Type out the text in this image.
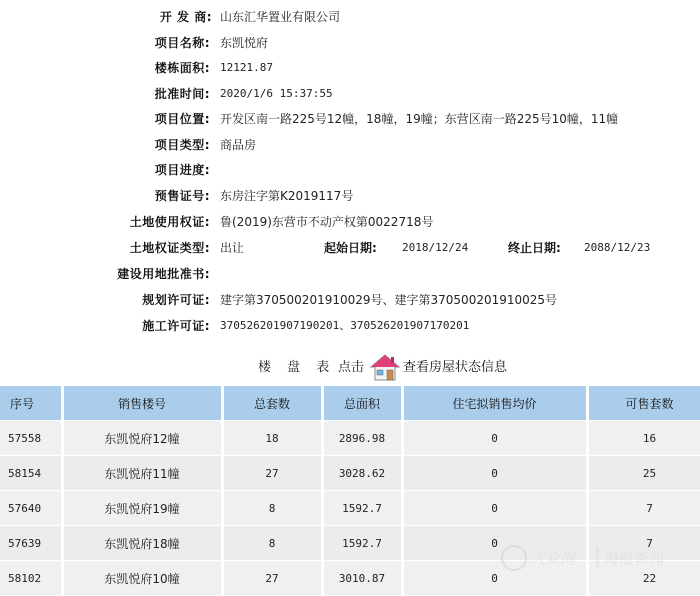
开 发 商: 山东汇华置业有限公司
项目名称: 东凯悦府
楼栋面积: 12121.87
批准时间: 2020/1/6 15:37:55
项目位置: 开发区南一路225号12幢，18幢，19幢；东营区南一路225号10幢，11幢
项目类型: 商品房
项目进度:
预售证号: 东房注字第K2019117号
土地使用权证: 鲁(2019)东营市不动产权第0022718号
土地权证类型: 出让	起始日期: 2018/12/24	终止日期: 2088/12/23
建设用地批准书:
规划许可证: 建字第370500201910029号、建字第370500201910025号
施工许可证: 370526201907190201、370526201907170201
楼 盘 表 点击	查看房屋状态信息
序号	销售楼号	总套数	总面积	住宅拟销售均价	可售套数
57558	东凯悦府12幢	18	2896.98	0	16
58154	东凯悦府11幢	27	3028.62	0	25
57640	东凯悦府19幢	8	1592.7	0	7
57639	东凯悦府18幢	8	1592.7	0	7
58102	东凯悦府10幢	27	3010.87	0	22
大众网 海报新闻
